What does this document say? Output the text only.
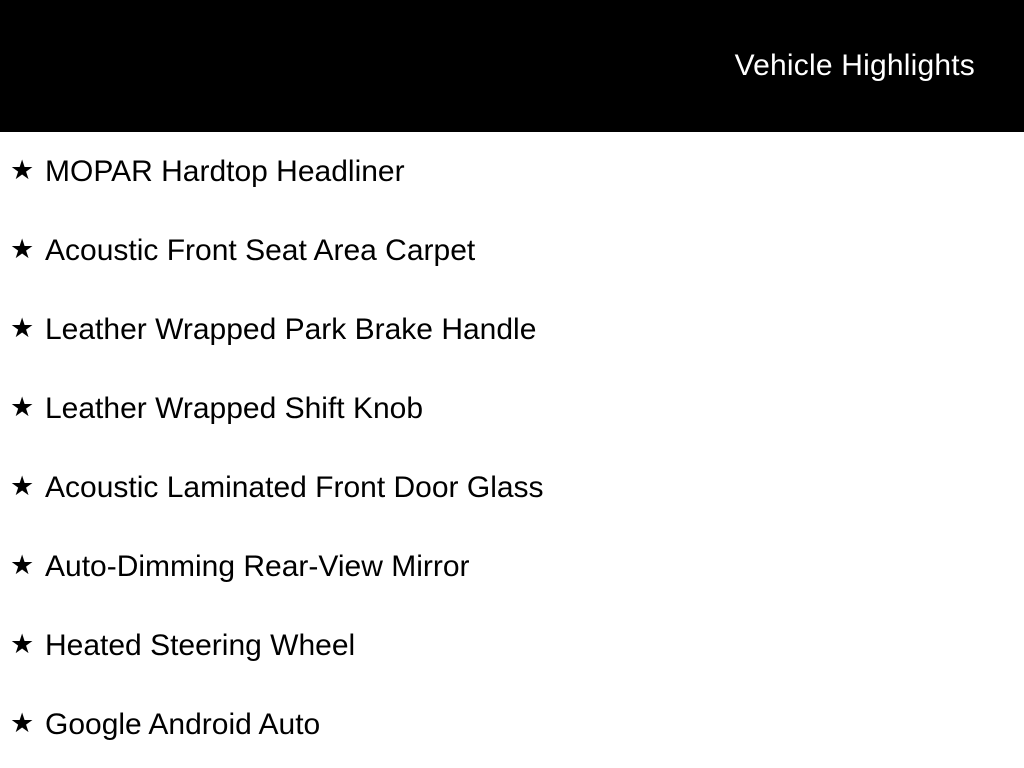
Vehicle Highlights
★ MOPAR Hardtop Headliner
★ Acoustic Front Seat Area Carpet
★ Leather Wrapped Park Brake Handle
★ Leather Wrapped Shift Knob
★ Acoustic Laminated Front Door Glass
★ Auto-Dimming Rear-View Mirror
★ Heated Steering Wheel
★ Google Android Auto
